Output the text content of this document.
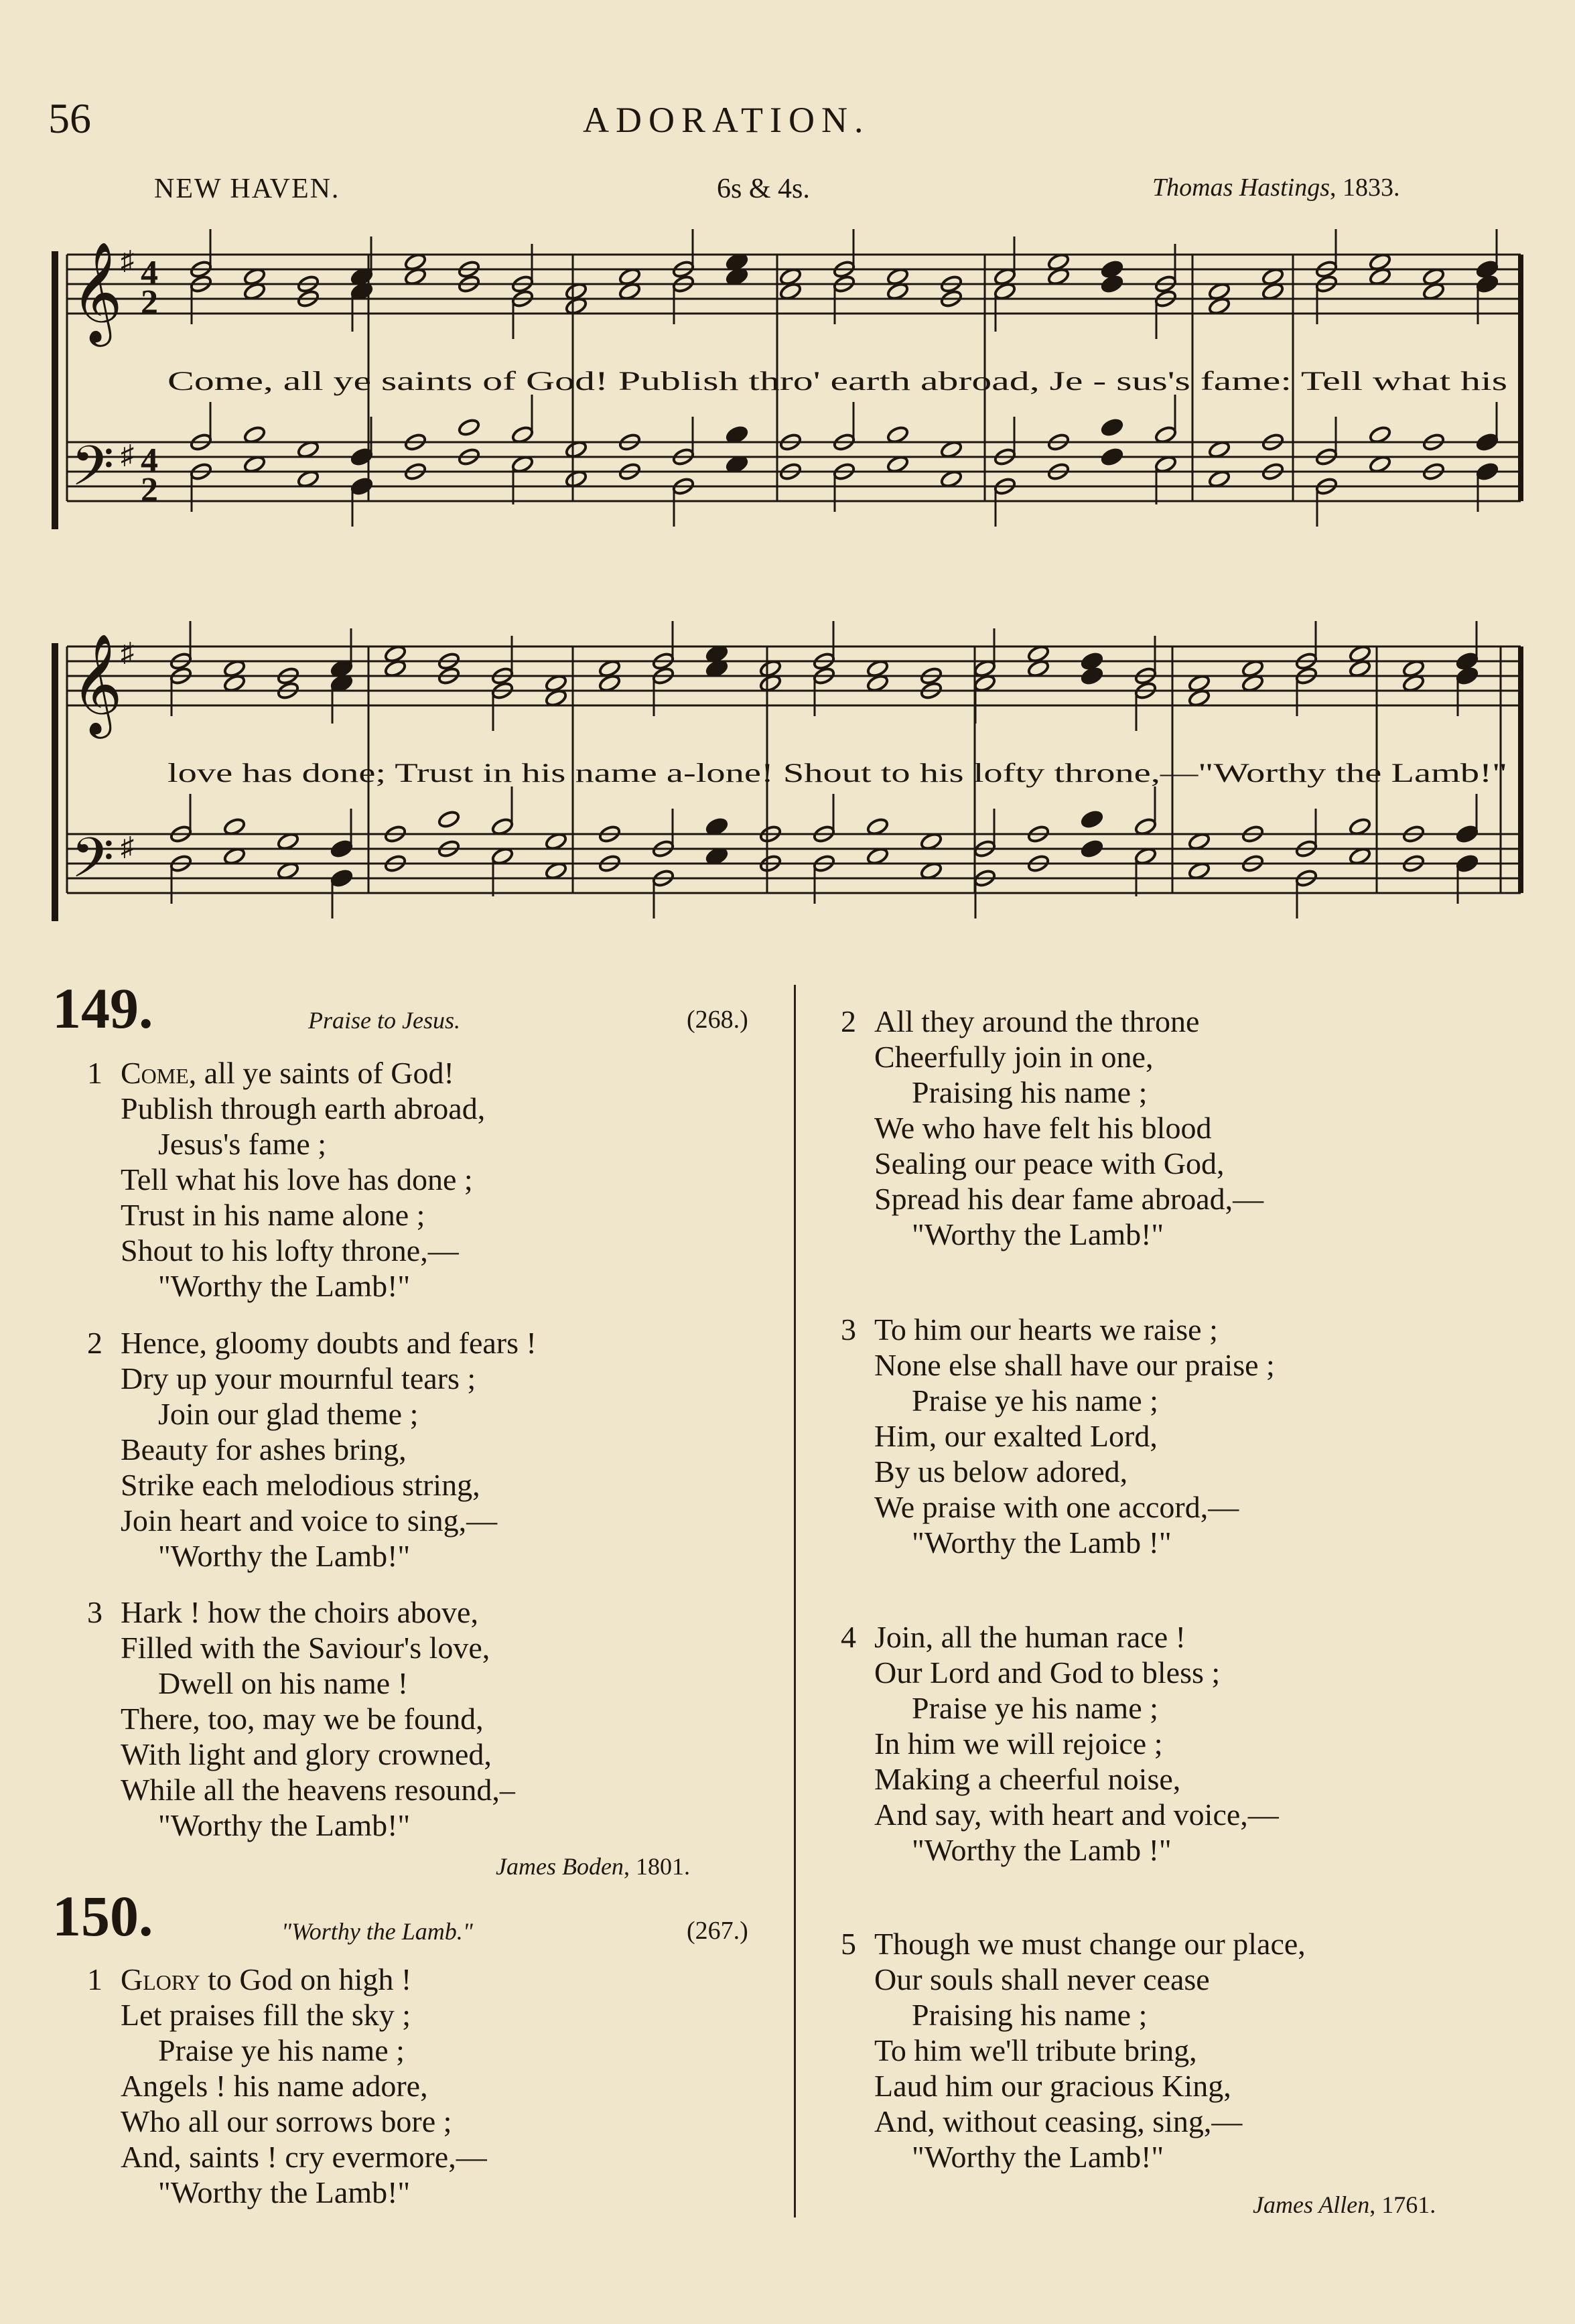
56	ADORATION.
NEW HAVEN.	6s & 4s.	Thomas Hastings, 1833.
𝄞
𝄢
♯
♯
4
2
4
2
Come, all ye saints of God! Publish thro' earth abroad, Je - sus's fame: Tell what his
𝄞
𝄢
♯
♯
love has done; Trust in his name a-lone! Shout to his lofty throne,—"Worthy the Lamb!"
149.	Praise to Jesus.	(268.)
1 Come, all ye saints of God!
Publish through earth abroad,
Jesus's fame ;
Tell what his love has done ;
Trust in his name alone ;
Shout to his lofty throne,—
"Worthy the Lamb!"
2 Hence, gloomy doubts and fears !
Dry up your mournful tears ;
Join our glad theme ;
Beauty for ashes bring,
Strike each melodious string,
Join heart and voice to sing,—
"Worthy the Lamb!"
3 Hark ! how the choirs above,
Filled with the Saviour's love,
Dwell on his name !
There, too, may we be found,
With light and glory crowned,
While all the heavens resound,–
"Worthy the Lamb!"
James Boden, 1801.
150.	"Worthy the Lamb."	(267.)
1 Glory to God on high !
Let praises fill the sky ;
Praise ye his name ;
Angels ! his name adore,
Who all our sorrows bore ;
And, saints ! cry evermore,—
"Worthy the Lamb!"
2 All they around the throne
Cheerfully join in one,
Praising his name ;
We who have felt his blood
Sealing our peace with God,
Spread his dear fame abroad,—
"Worthy the Lamb!"
3 To him our hearts we raise ;
None else shall have our praise ;
Praise ye his name ;
Him, our exalted Lord,
By us below adored,
We praise with one accord,—
"Worthy the Lamb !"
4 Join, all the human race !
Our Lord and God to bless ;
Praise ye his name ;
In him we will rejoice ;
Making a cheerful noise,
And say, with heart and voice,—
"Worthy the Lamb !"
5 Though we must change our place,
Our souls shall never cease
Praising his name ;
To him we'll tribute bring,
Laud him our gracious King,
And, without ceasing, sing,—
"Worthy the Lamb!"
James Allen, 1761.
